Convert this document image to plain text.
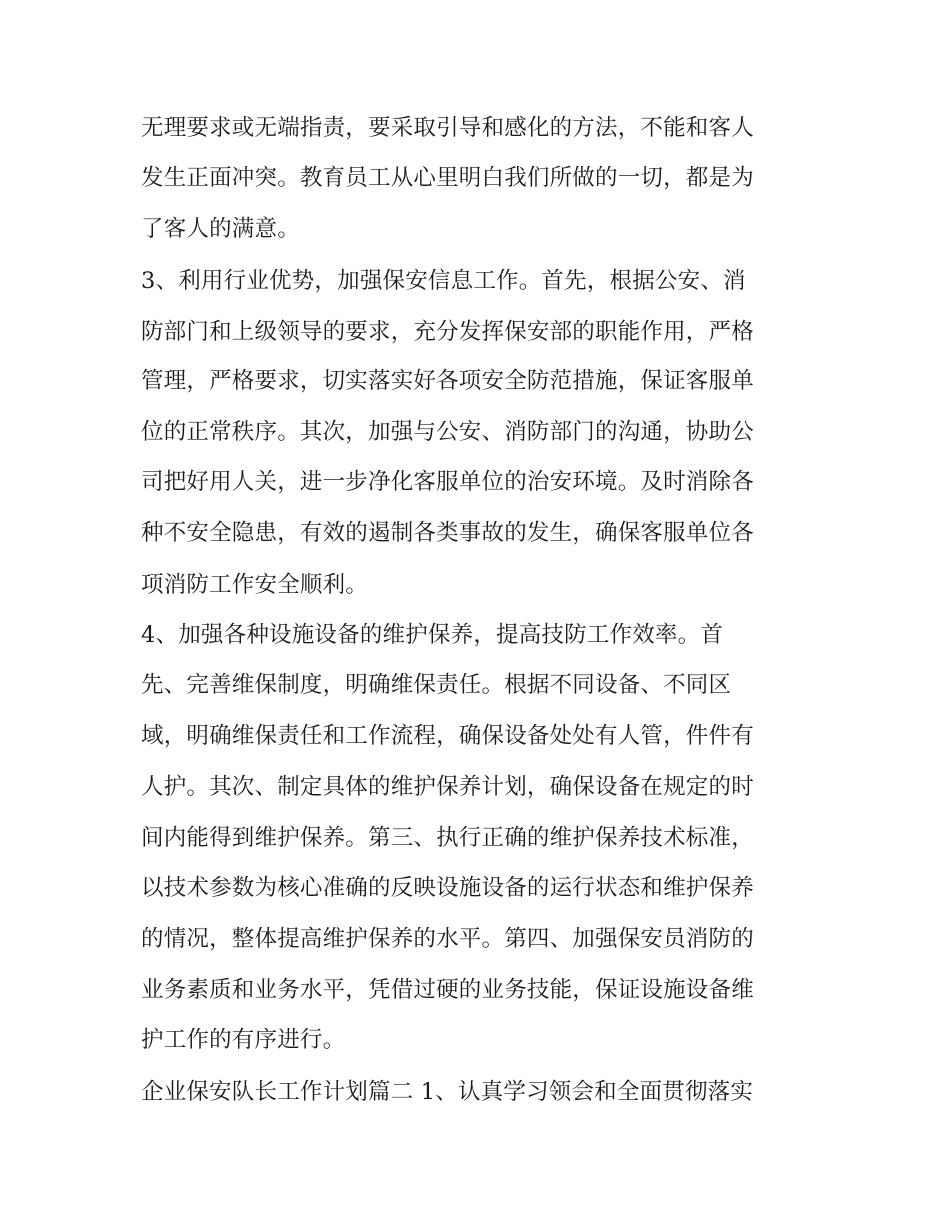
无理要求或无端指责，要采取引导和感化的方法，不能和客人
发生正面冲突。教育员工从心里明白我们所做的一切，都是为
了客人的满意。
3、利用行业优势，加强保安信息工作。首先，根据公安、消
防部门和上级领导的要求，充分发挥保安部的职能作用，严格
管理，严格要求，切实落实好各项安全防范措施，保证客服单
位的正常秩序。其次，加强与公安、消防部门的沟通，协助公
司把好用人关，进一步净化客服单位的治安环境。及时消除各
种不安全隐患，有效的遏制各类事故的发生，确保客服单位各
项消防工作安全顺利。
4、加强各种设施设备的维护保养，提高技防工作效率。首
先、完善维保制度，明确维保责任。根据不同设备、不同区
域，明确维保责任和工作流程，确保设备处处有人管，件件有
人护。其次、制定具体的维护保养计划，确保设备在规定的时
间内能得到维护保养。第三、执行正确的维护保养技术标准，
以技术参数为核心准确的反映设施设备的运行状态和维护保养
的情况，整体提高维护保养的水平。第四、加强保安员消防的
业务素质和业务水平，凭借过硬的业务技能，保证设施设备维
护工作的有序进行。
企业保安队长工作计划篇二 1、认真学习领会和全面贯彻落实
